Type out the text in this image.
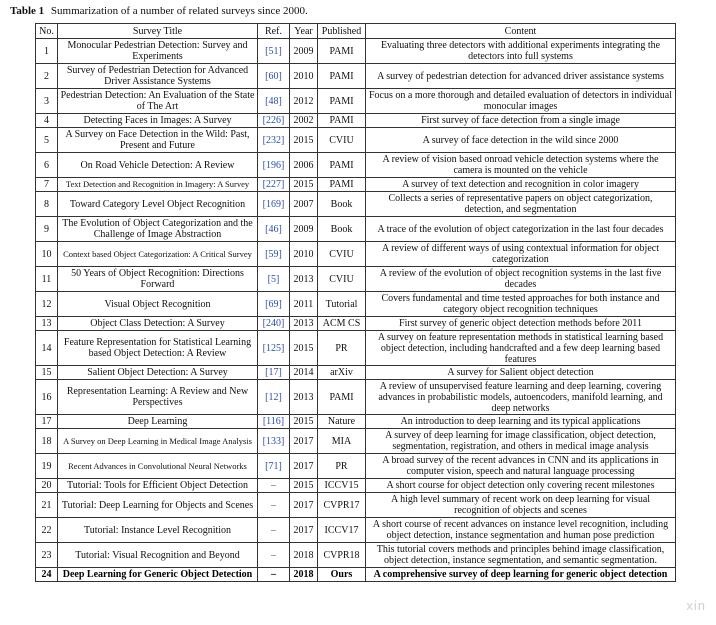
Table 1 Summarization of a number of related surveys since 2000.
No.	Survey Title	Ref.	Year	Published	Content
1	Monocular Pedestrian Detection: Survey and Experiments	[51]	2009	PAMI	Evaluating three detectors with additional experiments integrating the detectors into full systems
2	Survey of Pedestrian Detection for Advanced Driver Assistance Systems	[60]	2010	PAMI	A survey of pedestrian detection for advanced driver assistance systems
3	Pedestrian Detection: An Evaluation of the State of The Art	[48]	2012	PAMI	Focus on a more thorough and detailed evaluation of detectors in individual monocular images
4	Detecting Faces in Images: A Survey	[226]	2002	PAMI	First survey of face detection from a single image
5	A Survey on Face Detection in the Wild: Past, Present and Future	[232]	2015	CVIU	A survey of face detection in the wild since 2000
6	On Road Vehicle Detection: A Review	[196]	2006	PAMI	A review of vision based onroad vehicle detection systems where the camera is mounted on the vehicle
7	Text Detection and Recognition in Imagery: A Survey	[227]	2015	PAMI	A survey of text detection and recognition in color imagery
8	Toward Category Level Object Recognition	[169]	2007	Book	Collects a series of representative papers on object categorization, detection, and segmentation
9	The Evolution of Object Categorization and the Challenge of Image Abstraction	[46]	2009	Book	A trace of the evolution of object categorization in the last four decades
10	Context based Object Categorization: A Critical Survey	[59]	2010	CVIU	A review of different ways of using contextual information for object categorization
11	50 Years of Object Recognition: Directions Forward	[5]	2013	CVIU	A review of the evolution of object recognition systems in the last five decades
12	Visual Object Recognition	[69]	2011	Tutorial	Covers fundamental and time tested approaches for both instance and category object recognition techniques
13	Object Class Detection: A Survey	[240]	2013	ACM CS	First survey of generic object detection methods before 2011
14	Feature Representation for Statistical Learning based Object Detection: A Review	[125]	2015	PR	A survey on feature representation methods in statistical learning based object detection, including handcrafted and a few deep learning based features
15	Salient Object Detection: A Survey	[17]	2014	arXiv	A survey for Salient object detection
16	Representation Learning: A Review and New Perspectives	[12]	2013	PAMI	A review of unsupervised feature learning and deep learning, covering advances in probabilistic models, autoencoders, manifold learning, and deep networks
17	Deep Learning	[116]	2015	Nature	An introduction to deep learning and its typical applications
18	A Survey on Deep Learning in Medical Image Analysis	[133]	2017	MIA	A survey of deep learning for image classification, object detection, segmentation, registration, and others in medical image analysis
19	Recent Advances in Convolutional Neural Networks	[71]	2017	PR	A broad survey of the recent advances in CNN and its applications in computer vision, speech and natural language processing
20	Tutorial: Tools for Efficient Object Detection	–	2015	ICCV15	A short course for object detection only covering recent milestones
21	Tutorial: Deep Learning for Objects and Scenes	–	2017	CVPR17	A high level summary of recent work on deep learning for visual recognition of objects and scenes
22	Tutorial: Instance Level Recognition	–	2017	ICCV17	A short course of recent advances on instance level recognition, including object detection, instance segmentation and human pose prediction
23	Tutorial: Visual Recognition and Beyond	–	2018	CVPR18	This tutorial covers methods and principles behind image classification, object detection, instance segmentation, and semantic segmentation.
24	Deep Learning for Generic Object Detection	–	2018	Ours	A comprehensive survey of deep learning for generic object detection
xin
